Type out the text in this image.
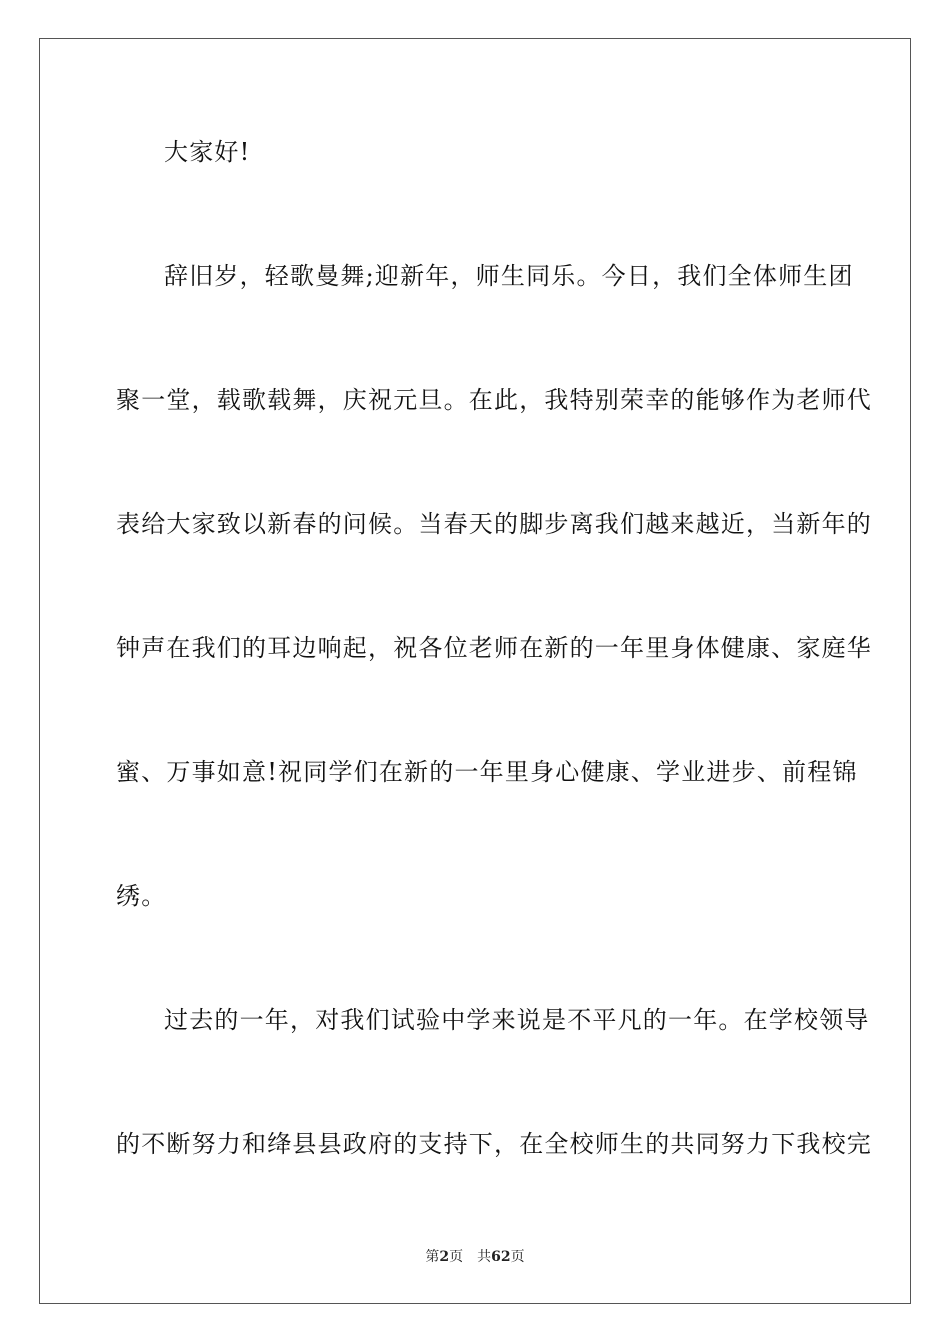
大家好!
辞旧岁，轻歌曼舞;迎新年，师生同乐。今日，我们全体师生团
聚一堂，载歌载舞，庆祝元旦。在此，我特别荣幸的能够作为老师代
表给大家致以新春的问候。当春天的脚步离我们越来越近，当新年的
钟声在我们的耳边响起，祝各位老师在新的一年里身体健康、家庭华
蜜、万事如意!祝同学们在新的一年里身心健康、学业进步、前程锦
绣。
过去的一年，对我们试验中学来说是不平凡的一年。在学校领导
的不断努力和绛县县政府的支持下，在全校师生的共同努力下我校完
第2页 共62页
